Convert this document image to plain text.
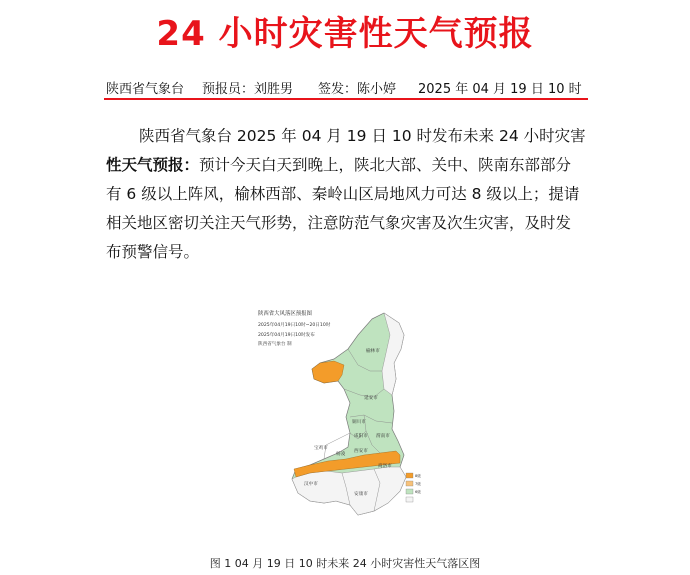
24 小时灾害性天气预报
陕西省气象台 预报员：刘胜男 签发：陈小婷 2025 年 04 月 19 日 10 时
陕西省气象台 2025 年 04 月 19 日 10 时发布未来 24 小时灾害
性天气预报：预计今天白天到晚上，陕北大部、关中、陕南东部部分
有 6 级以上阵风，榆林西部、秦岭山区局地风力可达 8 级以上；提请
相关地区密切关注天气形势，注意防范气象灾害及次生灾害，及时发
布预警信号。
陕西省大风落区预报图
2025年04月19日10时~20日10时
2025年04月19日10时发布
陕西省气象台 制
榆林市
延安市
铜川市
渭南市
咸阳市
宝鸡市
西安市
杨凌
商洛市
汉中市
安康市
8级
7级
6级
图 1 04 月 19 日 10 时未来 24 小时灾害性天气落区图
